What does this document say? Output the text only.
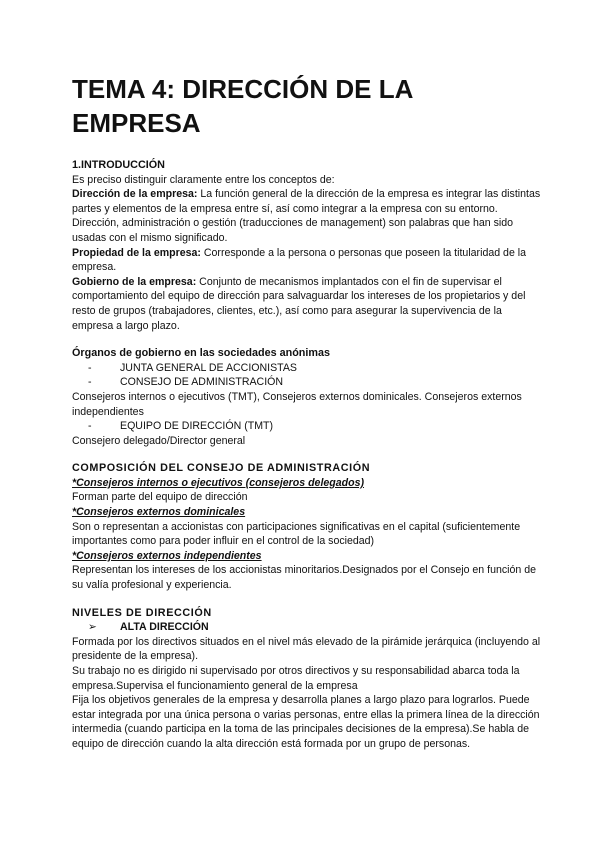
TEMA 4: DIRECCIÓN DE LA EMPRESA

1.INTRODUCCIÓN

Es preciso distinguir claramente entre los conceptos de:

Dirección de la empresa: La función general de la dirección de la empresa es integrar las distintas partes y elementos de la empresa entre sí, así como integrar a la empresa con su entorno. Dirección, administración o gestión (traducciones de management) son palabras que han sido usadas con el mismo significado.

Propiedad de la empresa: Corresponde a la persona o personas que poseen la titularidad de la empresa.

Gobierno de la empresa: Conjunto de mecanismos implantados con el fin de supervisar el comportamiento del equipo de dirección para salvaguardar los intereses de los propietarios y del resto de grupos (trabajadores, clientes, etc.), así como para asegurar la supervivencia de la empresa a largo plazo.

Órganos de gobierno en las sociedades anónimas

-	JUNTA GENERAL DE ACCIONISTAS

-	CONSEJO DE ADMINISTRACIÓN

Consejeros internos o ejecutivos (TMT), Consejeros externos dominicales. Consejeros externos independientes

-	EQUIPO DE DIRECCIÓN (TMT)

Consejero delegado/Director general

COMPOSICIÓN DEL CONSEJO DE ADMINISTRACIÓN

*Consejeros internos o ejecutivos (consejeros delegados)

Forman parte del equipo de dirección

*Consejeros externos dominicales

Son o representan a accionistas con participaciones significativas en el capital (suficientemente importantes como para poder influir en el control de la sociedad)

*Consejeros externos independientes

Representan los intereses de los accionistas minoritarios.Designados por el Consejo en función de su valía profesional y experiencia.

NIVELES DE DIRECCIÓN

➢ ALTA DIRECCIÓN

Formada por los directivos situados en el nivel más elevado de la pirámide jerárquica (incluyendo al presidente de la empresa).

Su trabajo no es dirigido ni supervisado por otros directivos y su responsabilidad abarca toda la empresa.Supervisa el funcionamiento general de la empresa

Fija los objetivos generales de la empresa y desarrolla planes a largo plazo para lograrlos. Puede estar integrada por una única persona o varias personas, entre ellas la primera línea de la dirección intermedia (cuando participa en la toma de las principales decisiones de la empresa).Se habla de equipo de dirección cuando la alta dirección está formada por un grupo de personas.
